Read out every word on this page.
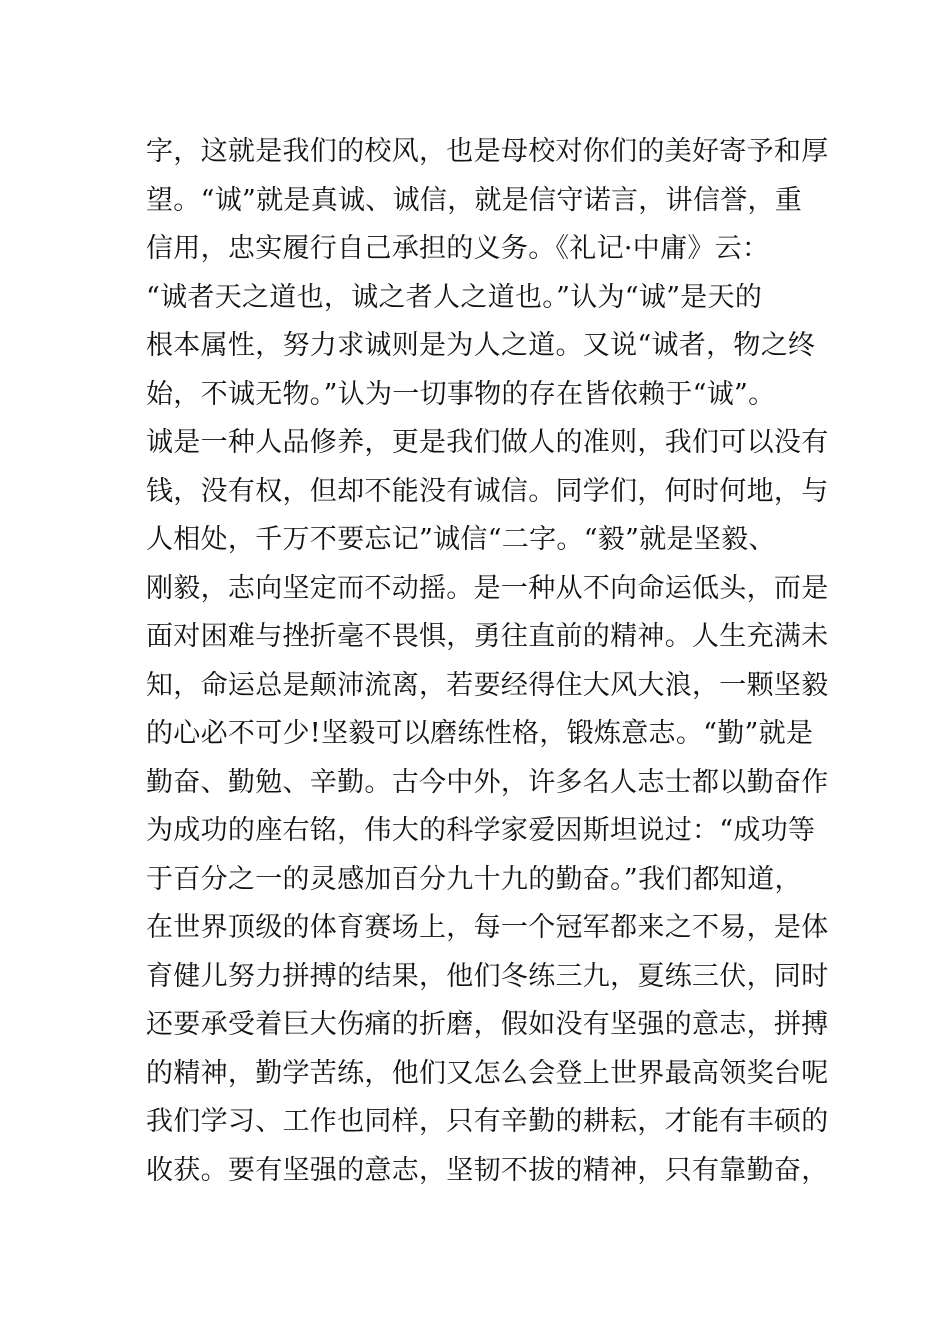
字，这就是我们的校风，也是母校对你们的美好寄予和厚
望。“诚”就是真诚、诚信，就是信守诺言，讲信誉，重
信用，忠实履行自己承担的义务。《礼记·中庸》云：
“诚者天之道也，诚之者人之道也。”认为“诚”是天的
根本属性，努力求诚则是为人之道。又说“诚者，物之终
始，不诚无物。”认为一切事物的存在皆依赖于“诚”。
诚是一种人品修养，更是我们做人的准则，我们可以没有
钱，没有权，但却不能没有诚信。同学们，何时何地，与
人相处，千万不要忘记”诚信“二字。“毅”就是坚毅、
刚毅，志向坚定而不动摇。是一种从不向命运低头，而是
面对困难与挫折毫不畏惧，勇往直前的精神。人生充满未
知，命运总是颠沛流离，若要经得住大风大浪，一颗坚毅
的心必不可少!坚毅可以磨练性格，锻炼意志。“勤”就是
勤奋、勤勉、辛勤。古今中外，许多名人志士都以勤奋作
为成功的座右铭，伟大的科学家爱因斯坦说过：“成功等
于百分之一的灵感加百分九十九的勤奋。”我们都知道，
在世界顶级的体育赛场上，每一个冠军都来之不易，是体
育健儿努力拼搏的结果，他们冬练三九，夏练三伏，同时
还要承受着巨大伤痛的折磨，假如没有坚强的意志，拼搏
的精神，勤学苦练，他们又怎么会登上世界最高领奖台呢
我们学习、工作也同样，只有辛勤的耕耘，才能有丰硕的
收获。要有坚强的意志，坚韧不拔的精神，只有靠勤奋，
